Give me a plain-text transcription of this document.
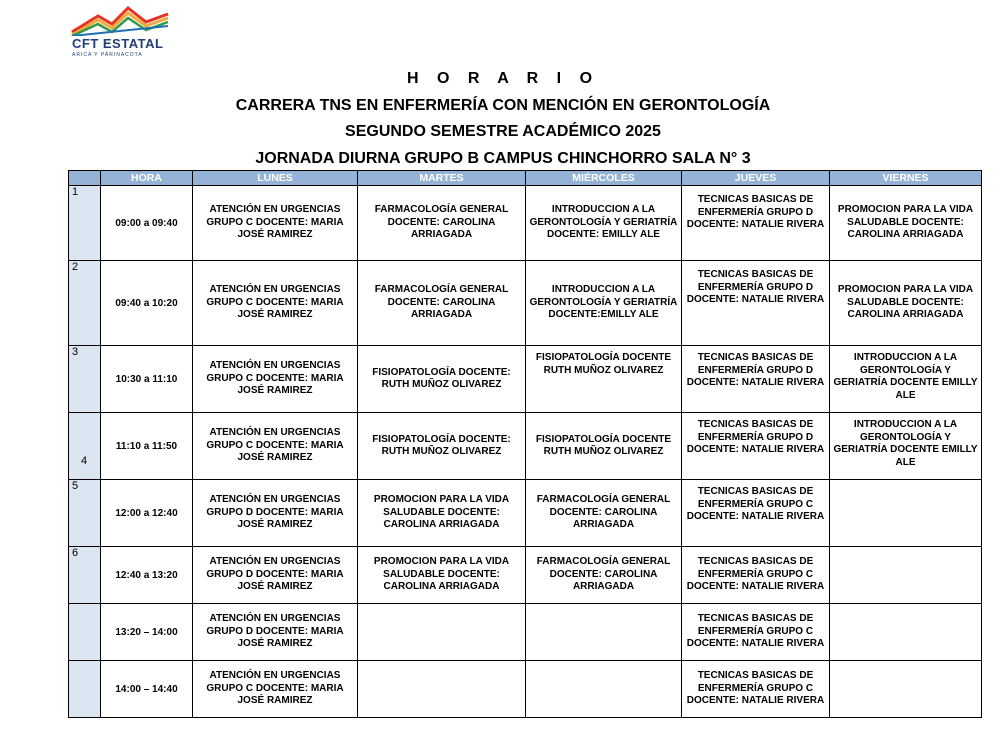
CFT ESTATAL
ARICA Y PARINACOTA
H O R A R I O
CARRERA TNS EN ENFERMERÍA CON MENCIÓN EN GERONTOLOGÍA
SEGUNDO SEMESTRE ACADÉMICO 2025
JORNADA DIURNA GRUPO B CAMPUS CHINCHORRO SALA N° 3
	HORA	LUNES	MARTES	MIÉRCOLES	JUEVES	VIERNES
1	09:00 a 09:40	ATENCIÓN EN URGENCIAS GRUPO C DOCENTE: MARIA JOSÉ RAMIREZ	FARMACOLOGÍA GENERAL DOCENTE: CAROLINA ARRIAGADA	INTRODUCCION A LA GERONTOLOGÍA Y GERIATRÍA DOCENTE: EMILLY ALE	TECNICAS BASICAS DE ENFERMERÍA GRUPO D DOCENTE: NATALIE RIVERA	PROMOCION PARA LA VIDA SALUDABLE DOCENTE: CAROLINA ARRIAGADA
2	09:40 a 10:20	ATENCIÓN EN URGENCIAS GRUPO C DOCENTE: MARIA JOSÉ RAMIREZ	FARMACOLOGÍA GENERAL DOCENTE: CAROLINA ARRIAGADA	INTRODUCCION A LA GERONTOLOGÍA Y GERIATRÍA DOCENTE:EMILLY ALE	TECNICAS BASICAS DE ENFERMERÍA GRUPO D DOCENTE: NATALIE RIVERA	PROMOCION PARA LA VIDA SALUDABLE DOCENTE: CAROLINA ARRIAGADA
3	10:30 a 11:10	ATENCIÓN EN URGENCIAS GRUPO C DOCENTE: MARIA JOSÉ RAMIREZ	FISIOPATOLOGÍA DOCENTE: RUTH MUÑOZ OLIVAREZ	FISIOPATOLOGÍA DOCENTE RUTH MUÑOZ OLIVAREZ	TECNICAS BASICAS DE ENFERMERÍA GRUPO D DOCENTE: NATALIE RIVERA	INTRODUCCION A LA GERONTOLOGÍA Y GERIATRÍA DOCENTE EMILLY ALE
4	11:10 a 11:50	ATENCIÓN EN URGENCIAS GRUPO C DOCENTE: MARIA JOSÉ RAMIREZ	FISIOPATOLOGÍA DOCENTE: RUTH MUÑOZ OLIVAREZ	FISIOPATOLOGÍA DOCENTE RUTH MUÑOZ OLIVAREZ	TECNICAS BASICAS DE ENFERMERÍA GRUPO D DOCENTE: NATALIE RIVERA	INTRODUCCION A LA GERONTOLOGÍA Y GERIATRÍA DOCENTE EMILLY ALE
5	12:00 a 12:40	ATENCIÓN EN URGENCIAS GRUPO D DOCENTE: MARIA JOSÉ RAMIREZ	PROMOCION PARA LA VIDA SALUDABLE DOCENTE: CAROLINA ARRIAGADA	FARMACOLOGÍA GENERAL DOCENTE: CAROLINA ARRIAGADA	TECNICAS BASICAS DE ENFERMERÍA GRUPO C DOCENTE: NATALIE RIVERA	
6	12:40 a 13:20	ATENCIÓN EN URGENCIAS GRUPO D DOCENTE: MARIA JOSÉ RAMIREZ	PROMOCION PARA LA VIDA SALUDABLE DOCENTE: CAROLINA ARRIAGADA	FARMACOLOGÍA GENERAL DOCENTE: CAROLINA ARRIAGADA	TECNICAS BASICAS DE ENFERMERÍA GRUPO C DOCENTE: NATALIE RIVERA	
	13:20 – 14:00	ATENCIÓN EN URGENCIAS GRUPO D DOCENTE: MARIA JOSÉ RAMIREZ			TECNICAS BASICAS DE ENFERMERÍA GRUPO C DOCENTE: NATALIE RIVERA	
	14:00 – 14:40	ATENCIÓN EN URGENCIAS GRUPO C DOCENTE: MARIA JOSÉ RAMIREZ			TECNICAS BASICAS DE ENFERMERÍA GRUPO C DOCENTE: NATALIE RIVERA	
